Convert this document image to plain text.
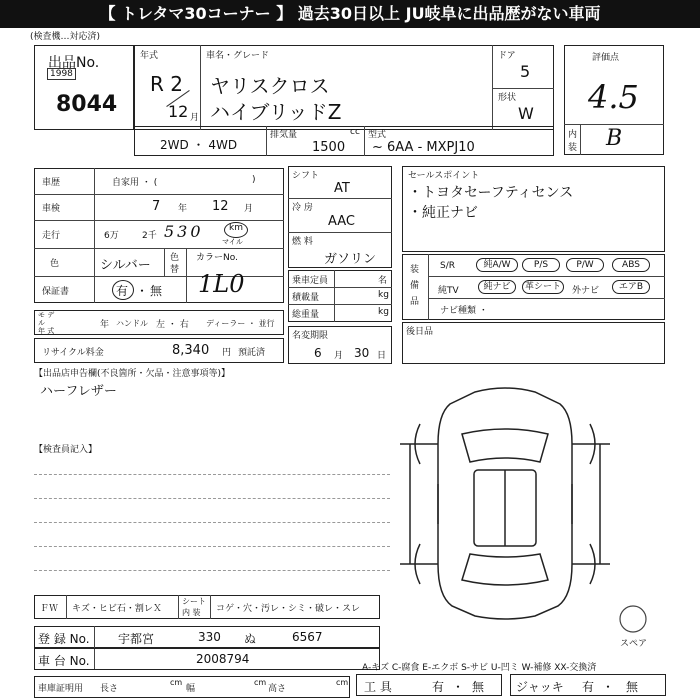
【 トレタマ30コーナー 】 過去30日以上 JU岐阜に出品歴がない車両
(検査機…対応済)
出品No.
1998
8044
年式
R 2
12 月
車名・グレード
ヤリスクロス
ハイブリッドZ
ドア
5
形状
W
評価点
4.5
内
装 B
2WD ・ 4WD
排気量	cc
1500
型式
~ 6AA - MXPJ10
車歴	自家用 ・ (	)
車検	7 年 12 月
走行	6万	2千 530	km
マイル
色	シルバー 色
替
カラーNo.
1L0
保証書	有 ・ 無
モ デ
ル
年 式
年 ハンドル 左 ・ 右 ディーラー ・ 並行
リサイクル料金	8,340 円 預託済
シフト
AT
冷 房
AAC
燃 料
ガソリン
乗車定員	名
積載量	kg
総重量	kg
名変期限
6 月 30 日
セールスポイント
・トヨタセーフティセンス
・純正ナビ
装
備
品
S/R	純A/W	P/S	P/W	ABS
純TV	純ナビ	革シート	外ナビ	エアB
ナビ種類 ・
後日品
【出品店申告欄(不良箇所・欠品・注意事項等)】
ハーフレザー
【検査員記入】
スペア
ＦＷ キズ・ヒビ石・割レＸ
シート
内 装 コゲ・穴・汚レ・シミ・破レ・スレ
登 録 No. 宇都宮	330 ぬ	6567
車 台 No.	2008794
車庫証明用 長さ
cm
幅
cm
高さ
cm
A-キズ C-腐食 E-エクボ S-サビ U-凹ミ W-補修 XX-交換済
工 具	有 ・ 無	ジャッキ 有 ・ 無
